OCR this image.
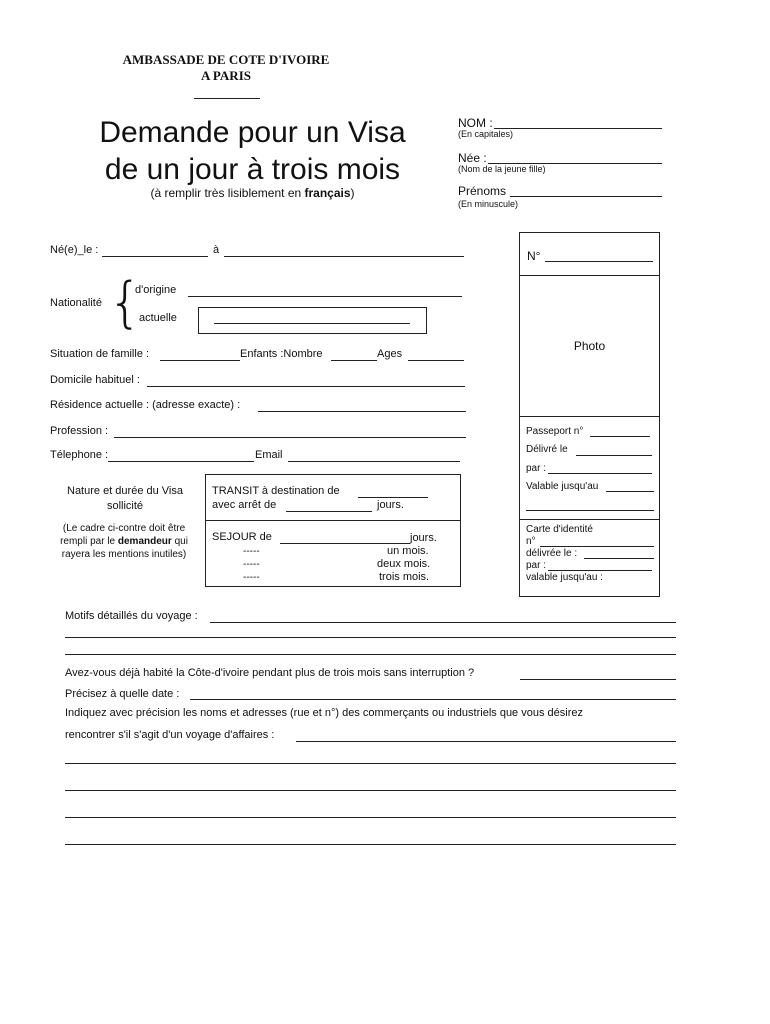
AMBASSADE DE COTE D'IVOIRE
A PARIS
Demande pour un Visa
de un jour à trois mois
(à remplir très lisiblement en français)
NOM :
(En capitales)
Née :
(Nom de la jeune fille)
Prénoms
(En minuscule)
N°
Photo
Passeport n°
Délivré le
par :
Valable jusqu'au
Carte d'identité
n°
délivrée le :
par :
valable jusqu'au :
Né(e)_le :	à
Nationalité {
d'origine
actuelle
Situation de famille :	Enfants :Nombre	Ages
Domicile habituel :
Résidence actuelle : (adresse exacte) :
Profession :
Télephone :	Email
Nature et durée du Visa
sollicité
(Le cadre ci-contre doit être
rempli par le demandeur qui
rayera les mentions inutiles)
TRANSIT à destination de
avec arrêt de	jours.
SEJOUR de	jours.
-----	un mois.
-----	deux mois.
-----	trois mois.
Motifs détaillés du voyage :
Avez-vous déjà habité la Côte-d'ivoire pendant plus de trois mois sans interruption ?
Précisez à quelle date :
Indiquez avec précision les noms et adresses (rue et n°) des commerçants ou industriels que vous désirez
rencontrer s'il s'agit d'un voyage d'affaires :
